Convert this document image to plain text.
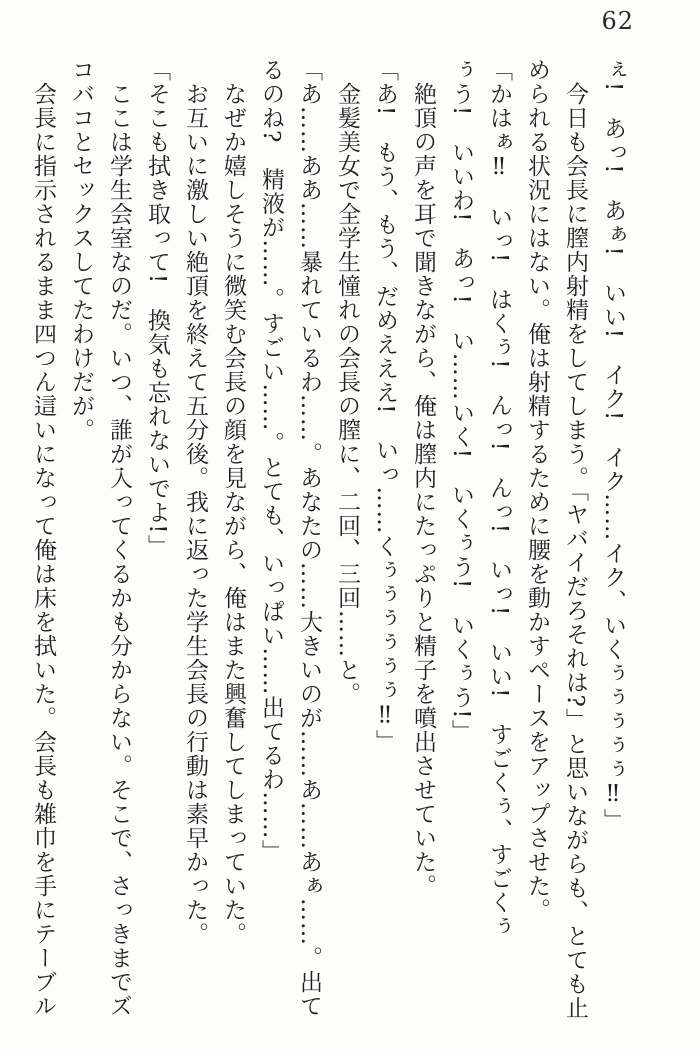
62

ぇ!　あっ!　あぁ!　いい!　イク!　イク……イク、いくぅぅぅぅぅ‼」

今日も会長に膣内射精をしてしまう。「ヤバイだろそれは?」と思いながらも、とても止

められる状況にはない。俺は射精するために腰を動かすペースをアップさせた。

「かはぁ‼　いっ!　はくぅ!　んっ!　んっ!　いっ!　いい!　すごくぅ、すごくぅ

ぅう!　いいわ!　あっ!　い……いく!　いくぅう!　いくぅう!」

絶頂の声を耳で聞きながら、俺は膣内にたっぷりと精子を噴出させていた。

「あ!　もう、もう、だめえええ!　いっ……くぅぅぅぅぅぅ‼」

金髪美女で全学生憧れの会長の膣に、二回、三回……と。

「あ……ああ……暴れているわ……。あなたの……大きいのが……あ……あぁ……。出て

るのね?　精液が……。すごい……。とても、いっぱい……出てるわ……」

なぜか嬉しそうに微笑む会長の顔を見ながら、俺はまた興奮してしまっていた。

お互いに激しい絶頂を終えて五分後。我に返った学生会長の行動は素早かった。

「そこも拭き取って!　換気も忘れないでよ!」

ここは学生会室なのだ。いつ、誰が入ってくるかも分からない。そこで、さっきまでズ

コバコとセックスしてたわけだが。

会長に指示されるまま四つん這いになって俺は床を拭いた。会長も雑巾を手にテーブル
